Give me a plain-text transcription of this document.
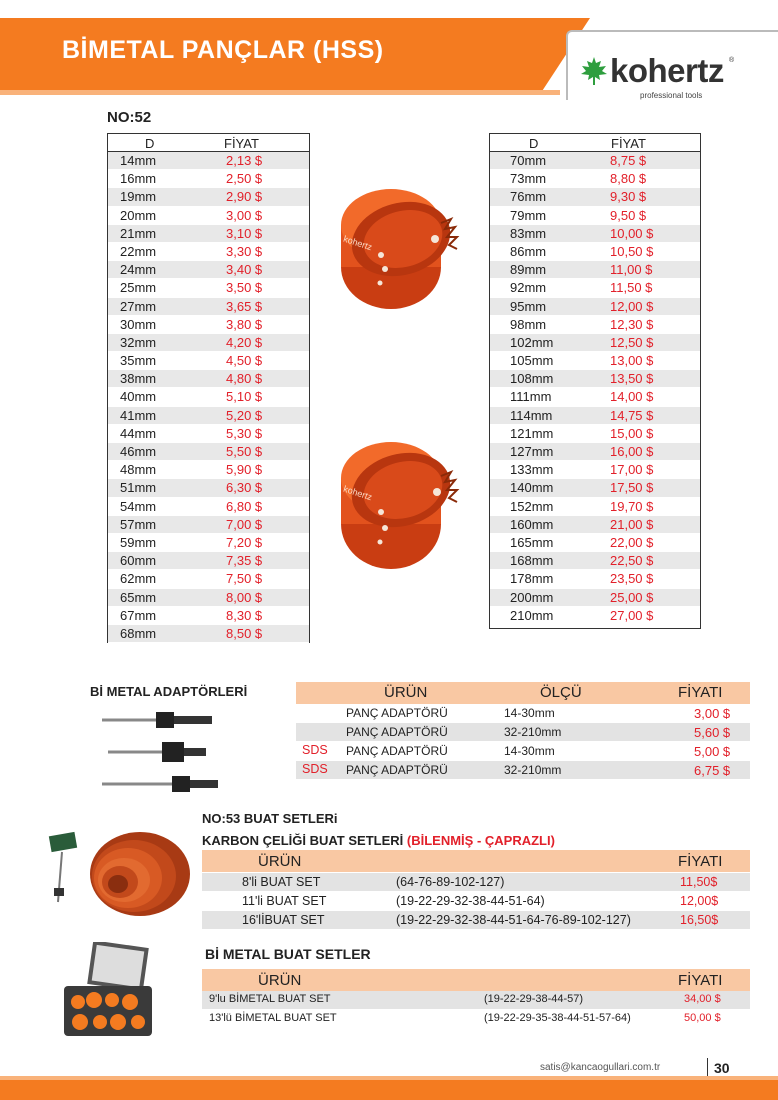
BİMETAL PANÇLAR (HSS)
kohertz ®
professional tools
NO:52
D	FİYAT
14mm	2,13 $
16mm	2,50 $
19mm	2,90 $
20mm	3,00 $
21mm	3,10 $
22mm	3,30 $
24mm	3,40 $
25mm	3,50 $
27mm	3,65 $
30mm	3,80 $
32mm	4,20 $
35mm	4,50 $
38mm	4,80 $
40mm	5,10 $
41mm	5,20 $
44mm	5,30 $
46mm	5,50 $
48mm	5,90 $
51mm	6,30 $
54mm	6,80 $
57mm	7,00 $
59mm	7,20 $
60mm	7,35 $
62mm	7,50 $
65mm	8,00 $
67mm	8,30 $
68mm	8,50 $
D	FİYAT
70mm	8,75 $
73mm	8,80 $
76mm	9,30 $
79mm	9,50 $
83mm	10,00 $
86mm	10,50 $
89mm	11,00 $
92mm	11,50 $
95mm	12,00 $
98mm	12,30 $
102mm	12,50 $
105mm	13,00 $
108mm	13,50 $
111mm	14,00 $
114mm	14,75 $
121mm	15,00 $
127mm	16,00 $
133mm	17,00 $
140mm	17,50 $
152mm	19,70 $
160mm	21,00 $
165mm	22,00 $
168mm	22,50 $
178mm	23,50 $
200mm	25,00 $
210mm	27,00 $
kohertz
kohertz
Bİ METAL ADAPTÖRLERİ	ÜRÜN	ÖLÇÜ	FİYATI
PANÇ ADAPTÖRÜ	14-30mm	3,00 $
PANÇ ADAPTÖRÜ	32-210mm	5,60 $
SDS PANÇ ADAPTÖRÜ	14-30mm	5,00 $
SDS PANÇ ADAPTÖRÜ	32-210mm	6,75 $
NO:53 BUAT SETLERi
KARBON ÇELİĞİ BUAT SETLERİ (BİLENMİŞ - ÇAPRAZLI)
ÜRÜN	FİYATI
8'li BUAT SET	(64-76-89-102-127)	11,50$
11'li BUAT SET	(19-22-29-32-38-44-51-64)	12,00$
16'lİBUAT SET	(19-22-29-32-38-44-51-64-76-89-102-127)	16,50$
Bİ METAL BUAT SETLER
ÜRÜN	FİYATI
9'lu BİMETAL BUAT SET	(19-22-29-38-44-57)	34,00 $
13'lü BİMETAL BUAT SET	(19-22-29-35-38-44-51-57-64)	50,00 $
satis@kancaogullari.com.tr	30
